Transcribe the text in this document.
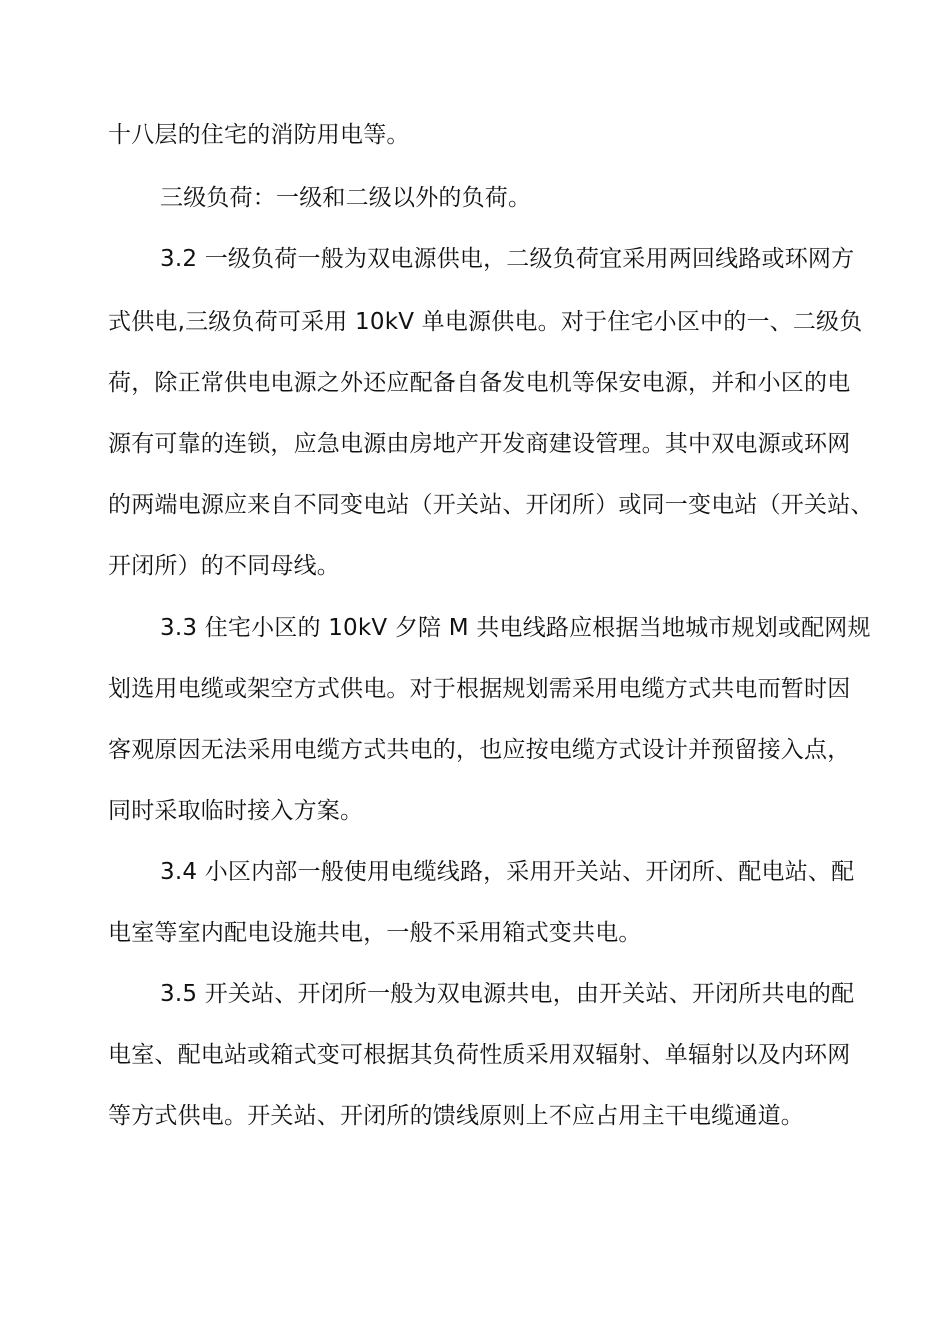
十八层的住宅的消防用电等。
三级负荷：一级和二级以外的负荷。
3.2 一级负荷一般为双电源供电，二级负荷宜采用两回线路或环网方
式供电,三级负荷可采用 10kV 单电源供电。对于住宅小区中的一、二级负
荷，除正常供电电源之外还应配备自备发电机等保安电源，并和小区的电
源有可靠的连锁，应急电源由房地产开发商建设管理。其中双电源或环网
的两端电源应来自不同变电站（开关站、开闭所）或同一变电站（开关站、
开闭所）的不同母线。
3.3 住宅小区的 10kV 夕陪 M 共电线路应根据当地城市规划或配网规
划选用电缆或架空方式供电。对于根据规划需采用电缆方式共电而暂时因
客观原因无法采用电缆方式共电的，也应按电缆方式设计并预留接入点，
同时采取临时接入方案。
3.4 小区内部一般使用电缆线路，采用开关站、开闭所、配电站、配
电室等室内配电设施共电，一般不采用箱式变共电。
3.5 开关站、开闭所一般为双电源共电，由开关站、开闭所共电的配
电室、配电站或箱式变可根据其负荷性质采用双辐射、单辐射以及内环网
等方式供电。开关站、开闭所的馈线原则上不应占用主干电缆通道。
